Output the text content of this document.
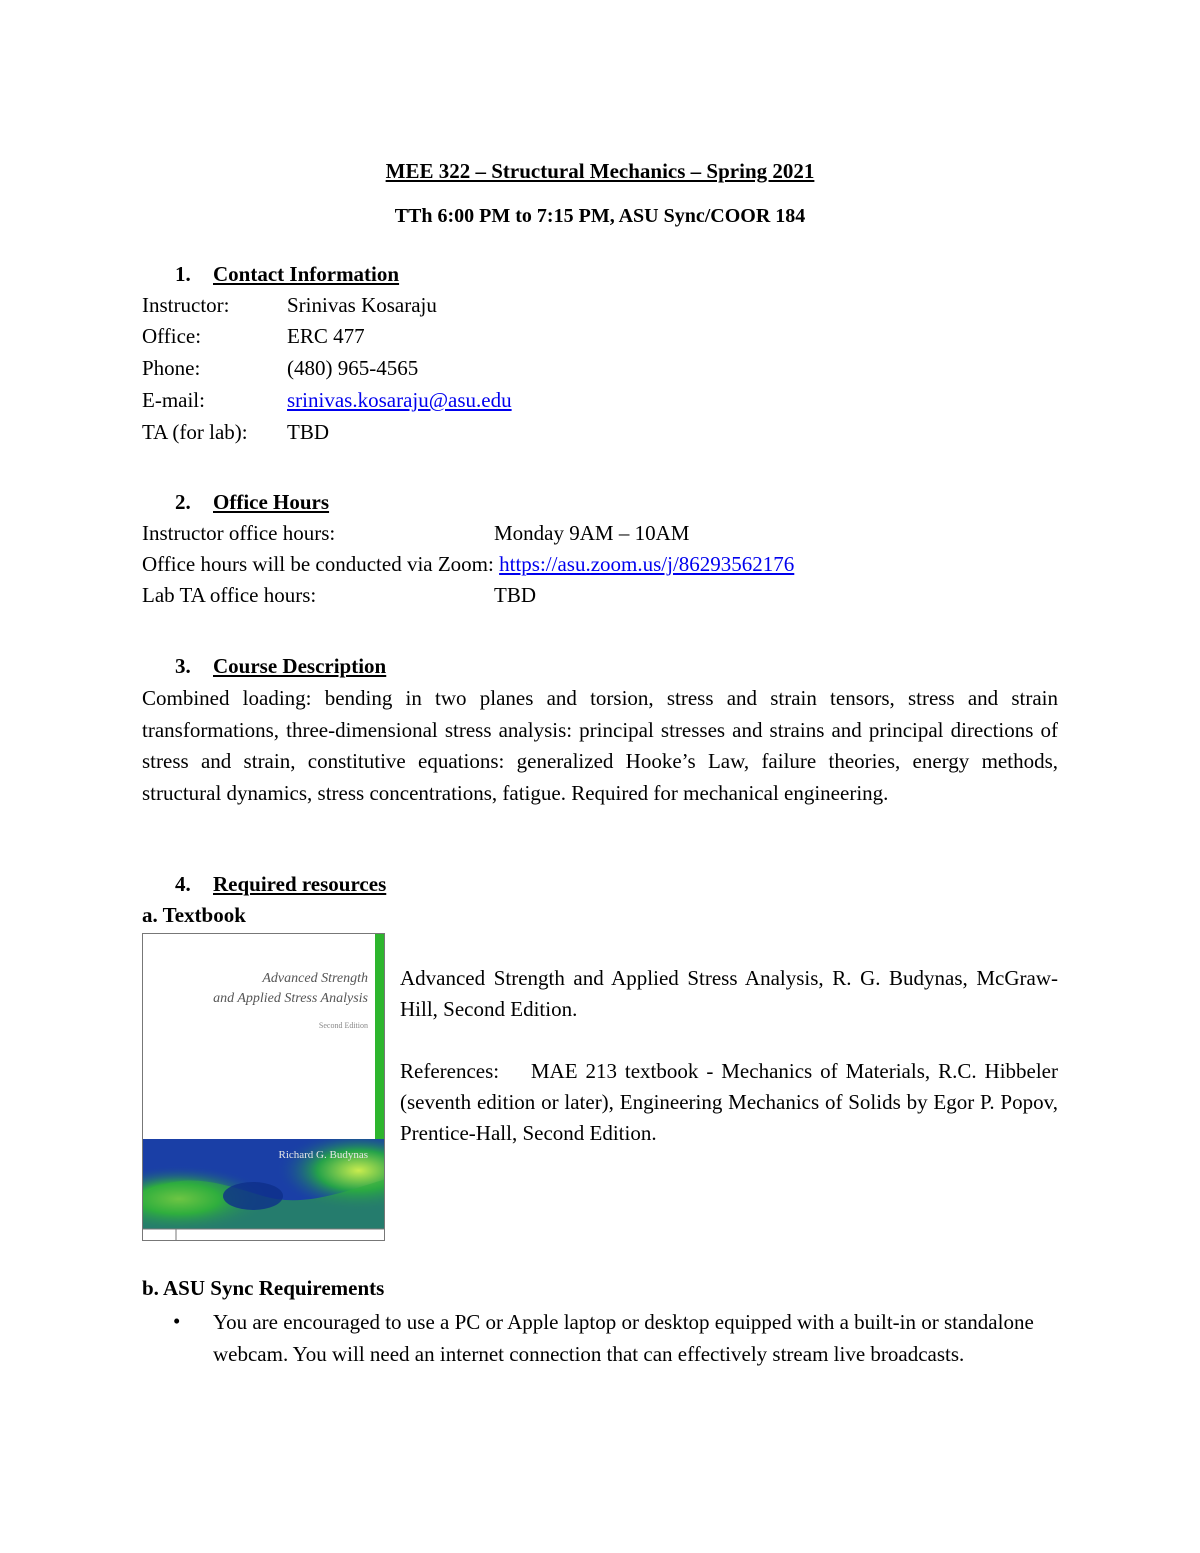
MEE 322 – Structural Mechanics – Spring 2021
TTh 6:00 PM to 7:15 PM, ASU Sync/COOR 184
1. Contact Information
Instructor:	Srinivas Kosaraju
Office:	ERC 477
Phone:	(480) 965-4565
E-mail:	srinivas.kosaraju@asu.edu
TA (for lab): TBD
2. Office Hours
Instructor office hours:	Monday 9AM – 10AM
Office hours will be conducted via Zoom: https://asu.zoom.us/j/86293562176
Lab TA office hours:	TBD
3. Course Description
Combined loading: bending in two planes and torsion, stress and strain tensors, stress and strain transformations, three-dimensional stress analysis: principal stresses and strains and principal directions of stress and strain, constitutive equations: generalized Hooke’s Law, failure theories, energy methods, structural dynamics, stress concentrations, fatigue. Required for mechanical engineering.
4. Required resources
a. Textbook
Advanced Strength
and Applied Stress Analysis
Second Edition
Richard G. Budynas
Advanced Strength and Applied Stress Analysis, R. G. Budynas, McGraw-Hill, Second Edition.
References:    MAE 213 textbook - Mechanics of Materials, R.C. Hibbeler (seventh edition or later), Engineering Mechanics of Solids by Egor P. Popov, Prentice-Hall, Second Edition.
b. ASU Sync Requirements
• You are encouraged to use a PC or Apple laptop or desktop equipped with a built-in or standalone webcam. You will need an internet connection that can effectively stream live broadcasts.
